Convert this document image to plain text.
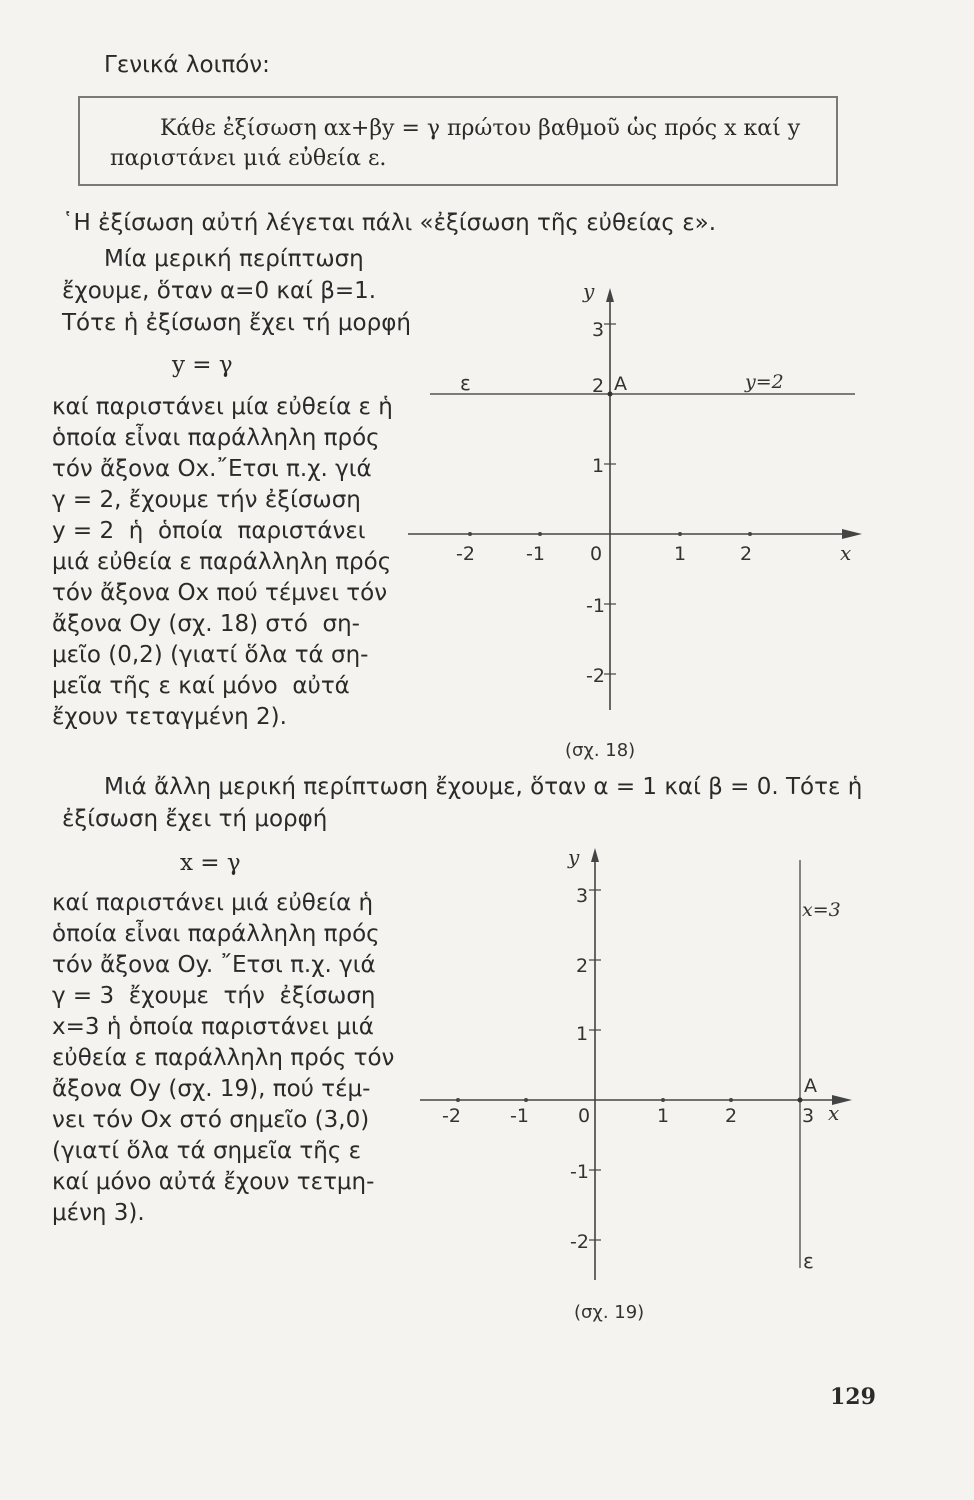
Γενικά λοιπόν:
Κάθε ἐξίσωση αx+βy = γ πρώτου βαθμοῦ ὡς πρός x καί y
παριστάνει μιά εὐθεία ε.
῾Η ἐξίσωση αὐτή λέγεται πάλι «ἐξίσωση τῆς εὐθείας ε».
Μία μερική περίπτωση
ἔχουμε, ὅταν α=0 καί β=1.
Τότε ἡ ἐξίσωση ἔχει τή μορφή
y = γ
καί παριστάνει μία εὐθεία ε ἡ
ὁποία εἶναι παράλληλη πρός
τόν ἄξονα Ox.῎Ετσι π.χ. γιά
γ = 2, ἔχουμε τήν ἐξίσωση
y = 2  ἡ  ὁποία  παριστάνει
μιά εὐθεία ε παράλληλη πρός
τόν ἄξονα Ox πού τέμνει τόν
ἄξονα Oy (σχ. 18) στό  ση-
μεῖο (0,2) (γιατί ὅλα τά ση-
μεῖα τῆς ε καί μόνο  αὐτά
ἔχουν τεταγμένη 2).
y
x
3
2
1
-1
-2
-2	-1 0	1	2
ε	A	y=2
(σχ. 18)
Μιά ἄλλη μερική περίπτωση ἔχουμε, ὅταν α = 1 καί β = 0. Τότε ἡ
ἐξίσωση ἔχει τή μορφή
x = γ
καί παριστάνει μιά εὐθεία ἡ
ὁποία εἶναι παράλληλη πρός
τόν ἄξονα Oy. ῎Ετσι π.χ. γιά
γ = 3  ἔχουμε  τήν  ἐξίσωση
x=3 ἡ ὁποία παριστάνει μιά
εὐθεία ε παράλληλη πρός τόν
ἄξονα Oy (σχ. 19), πού τέμ-
νει τόν Ox στό σημεῖο (3,0)
(γιατί ὅλα τά σημεῖα τῆς ε
καί μόνο αὐτά ἔχουν τετμη-
μένη 3).
y
x
3
2
1
-1
-2
-2	-1	0	1	2	3
ε
A
x=3
(σχ. 19)
129
